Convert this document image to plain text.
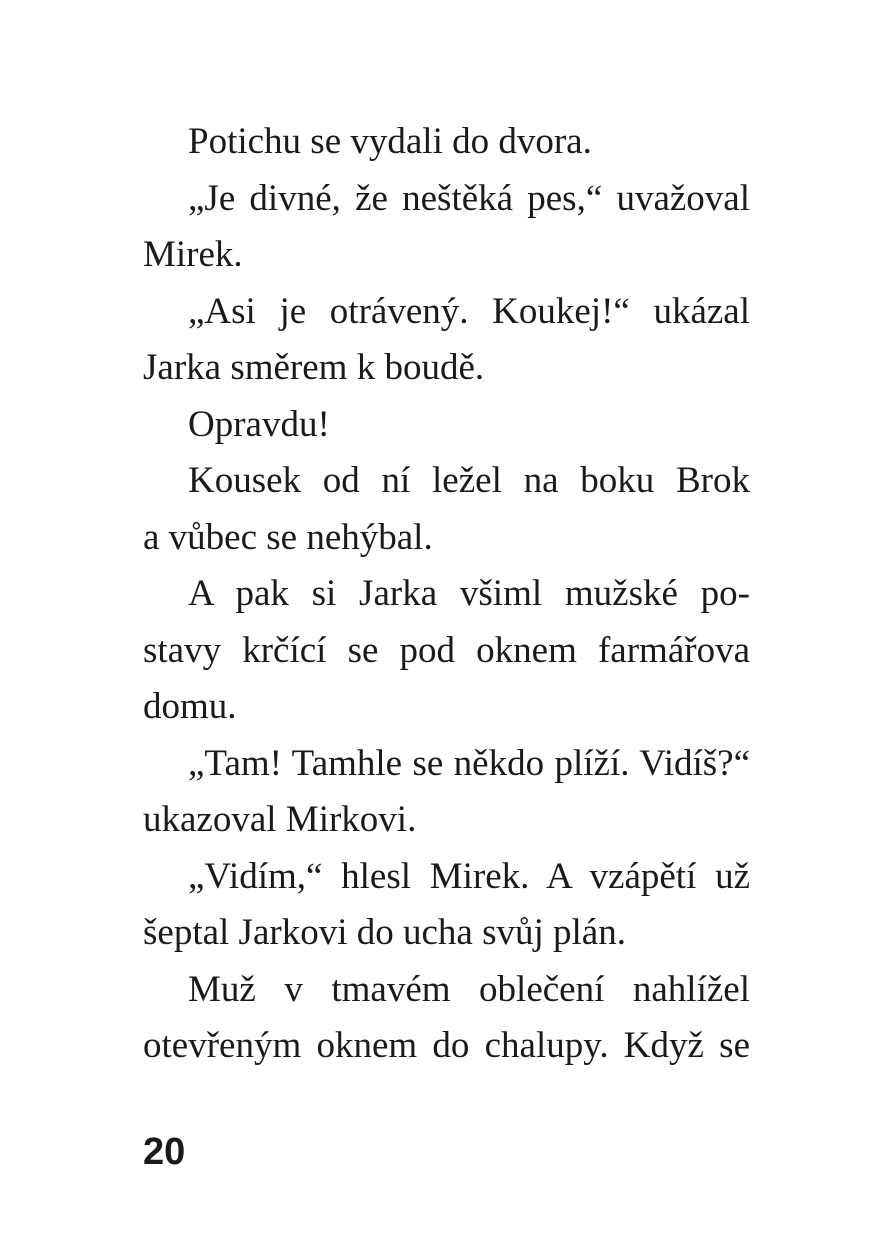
Potichu se vydali do dvora.

„Je divné, že neštěká pes,“ uvažoval
Mirek.

„Asi je otrávený. Koukej!“ ukázal
Jarka směrem k boudě.

Opravdu!

Kousek od ní ležel na boku Brok
a vůbec se nehýbal.

A pak si Jarka všiml mužské po-
stavy krčící se pod oknem farmářova
domu.

„Tam! Tamhle se někdo plíží. Vidíš?“
ukazoval Mirkovi.

„Vidím,“ hlesl Mirek. A vzápětí už
šeptal Jarkovi do ucha svůj plán.

Muž v tmavém oblečení nahlížel
otevřeným oknem do chalupy. Když se

20
